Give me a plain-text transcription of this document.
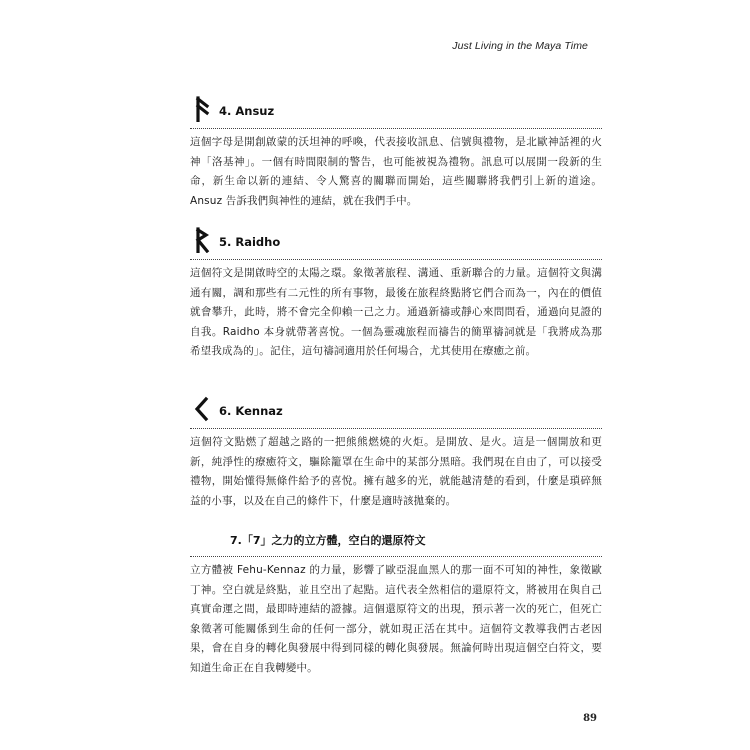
Just Living in the Maya Time
4. Ansuz

這個字母是開創啟蒙的沃坦神的呼喚，代表接收訊息、信號與禮物，是北歐神話裡的火神「洛基神」。一個有時間限制的警告，也可能被視為禮物。訊息可以展開一段新的生命，新生命以新的連結、令人驚喜的關聯而開始，這些關聯將我們引上新的道途。Ansuz 告訴我們與神性的連結，就在我們手中。

5. Raidho

這個符文是開啟時空的太陽之環。象徵著旅程、溝通、重新聯合的力量。這個符文與溝通有關，調和那些有二元性的所有事物，最後在旅程終點將它們合而為一，內在的價值就會攀升，此時，將不會完全仰賴一己之力。通過新禱或靜心來問問看，通過向見證的自我。Raidho 本身就帶著喜悅。一個為靈魂旅程而禱告的簡單禱詞就是「我將成為那希望我成為的」。記住，這句禱詞適用於任何場合，尤其使用在療癒之前。

6. Kennaz

這個符文點燃了超越之路的一把熊熊燃燒的火炬。是開放、是火。這是一個開放和更新，純淨性的療癒符文，驅除籠罩在生命中的某部分黑暗。我們現在自由了，可以接受禮物，開始懂得無條件給予的喜悅。擁有越多的光，就能越清楚的看到，什麼是瑣碎無益的小事，以及在自己的條件下，什麼是適時該拋棄的。

7.「7」之力的立方體，空白的還原符文

立方體被 Fehu-Kennaz 的力量，影響了歐亞混血黑人的那一面不可知的神性，象徵歐丁神。空白就是終點，並且空出了起點。這代表全然相信的還原符文，將被用在與自己真實命運之間，最即時連結的證據。這個還原符文的出現，預示著一次的死亡，但死亡象徵著可能關係到生命的任何一部分，就如現正活在其中。這個符文教導我們古老因果，會在自身的轉化與發展中得到同樣的轉化與發展。無論何時出現這個空白符文，要知道生命正在自我轉變中。

89
